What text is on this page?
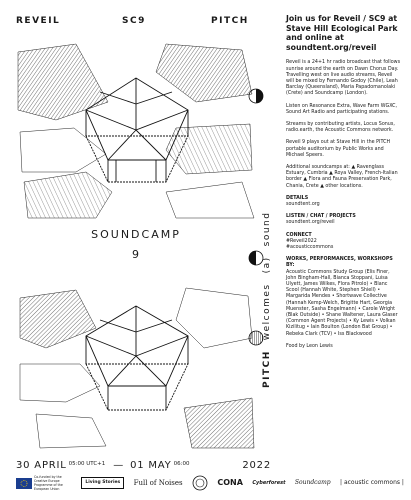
REVEIL	SC9	PITCH
SOUNDCAMP
9
PITCH
welcomes
(a)
sound
30 APRIL 05:00 UTC+1 — 01 MAY 06:00	2022
Join us for Reveil / SC9 at Stave Hill Ecological Park and online at soundtent.org/reveil

Reveil is a 24+1 hr radio broadcast that follows sunrise around the earth on Dawn Chorus Day. Travelling west on live audio streams, Reveil will be mixed by Fernando Godoy (Chile), Leah Barclay (Queensland), Maria Papadomanolaki (Crete) and Soundcamp (London).

Listen on Resonance Extra, Wave Farm WGXC, Sound Art Radio and participating stations.

Streams by contributing artists, Locus Sonus, radio.earth, the Acoustic Commons network.

Reveil 9 plays out at Stave Hill in the PITCH portable auditorium by Public Works and Michael Speers.

Additional soundcamps at: ▲ Ravenglass Estuary, Cumbria ▲ Roya Valley, French-Italian border ▲ Flora and Fauna Preservation Park, Chania, Crete ▲ other locations.

DETAILS
soundtent.org

LISTEN / CHAT / PROJECTS
soundtent.org/reveil

CONNECT
#Reveil2022
#acousticcommons

WORKS, PERFORMANCES, WORKSHOPS BY:
Acoustic Commons Study Group (Elis Finer, John Bingham-Hall, Bianca Stoppani, Luisa Ulyett, James Wilkes, Flora Pitrolo) • Blanc Scool (Hannah White, Stephen Shiell) • Margarida Mendes • Shortwave Collective (Hannah Kemp-Welch, Brigitte Hart, Georgia Muenster, Sasha Engelmann) • Carole Wright (Blak Outside) • Shane Waltener, Laura Glaser (Common Agent Projects) • Ky Lewis • Volkan Kizilitug • Iain Boulton (London Bat Group) • Rebeka Clark (TCV) • Iss Blackwood

Food by Leon Lewis

Co-funded by the Creative Europe Programme of the European Union
Living Stories	Full of Noises	CONA Cyberforest Soundcamp | acoustic commons |
